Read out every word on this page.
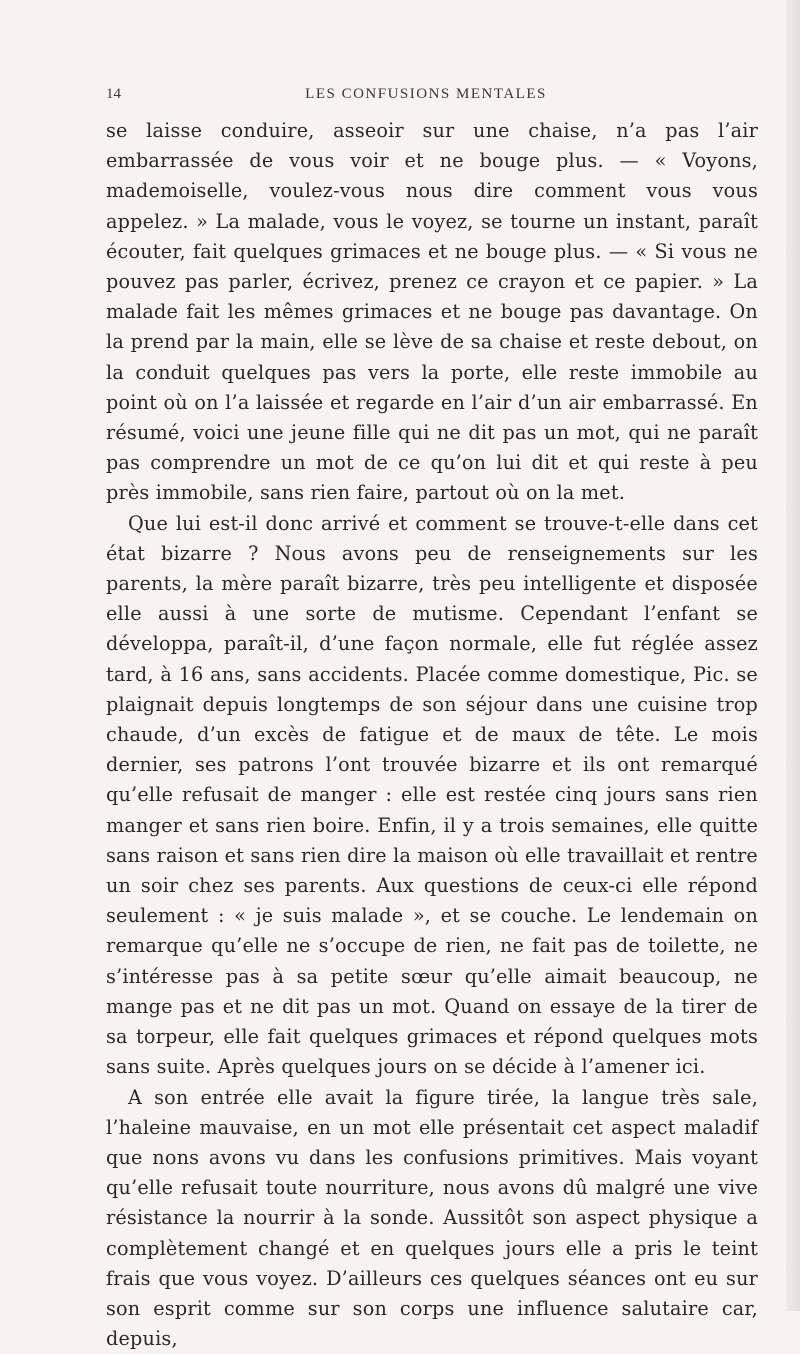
14	LES CONFUSIONS MENTALES

se laisse conduire, asseoir sur une chaise, n’a pas l’air embarrassée de vous voir et ne bouge plus. — « Voyons, mademoiselle, voulez-vous nous dire comment vous vous appelez. » La malade, vous le voyez, se tourne un instant, paraît écouter, fait quelques grimaces et ne bouge plus. — « Si vous ne pouvez pas parler, écrivez, prenez ce crayon et ce papier. » La malade fait les mêmes grimaces et ne bouge pas davantage. On la prend par la main, elle se lève de sa chaise et reste debout, on la conduit quelques pas vers la porte, elle reste immobile au point où on l’a laissée et regarde en l’air d’un air embarrassé. En résumé, voici une jeune fille qui ne dit pas un mot, qui ne paraît pas comprendre un mot de ce qu’on lui dit et qui reste à peu près immobile, sans rien faire, partout où on la met.

Que lui est-il donc arrivé et comment se trouve-t-elle dans cet état bizarre ? Nous avons peu de renseignements sur les parents, la mère paraît bizarre, très peu intelligente et disposée elle aussi à une sorte de mutisme. Cependant l’enfant se développa, paraît-il, d’une façon normale, elle fut réglée assez tard, à 16 ans, sans accidents. Placée comme domestique, Pic. se plaignait depuis longtemps de son séjour dans une cuisine trop chaude, d’un excès de fatigue et de maux de tête. Le mois dernier, ses patrons l’ont trouvée bizarre et ils ont remarqué qu’elle refusait de manger : elle est restée cinq jours sans rien manger et sans rien boire. Enfin, il y a trois semaines, elle quitte sans raison et sans rien dire la maison où elle travaillait et rentre un soir chez ses parents. Aux questions de ceux-ci elle répond seulement : « je suis malade », et se couche. Le lendemain on remarque qu’elle ne s’occupe de rien, ne fait pas de toilette, ne s’intéresse pas à sa petite sœur qu’elle aimait beaucoup, ne mange pas et ne dit pas un mot. Quand on essaye de la tirer de sa torpeur, elle fait quelques grimaces et répond quelques mots sans suite. Après quelques jours on se décide à l’amener ici.

A son entrée elle avait la figure tirée, la langue très sale, l’haleine mauvaise, en un mot elle présentait cet aspect maladif que nons avons vu dans les confusions primitives. Mais voyant qu’elle refusait toute nourriture, nous avons dû malgré une vive résistance la nourrir à la sonde. Aussitôt son aspect physique a complètement changé et en quelques jours elle a pris le teint frais que vous voyez. D’ailleurs ces quelques séances ont eu sur son esprit comme sur son corps une influence salutaire car, depuis,
